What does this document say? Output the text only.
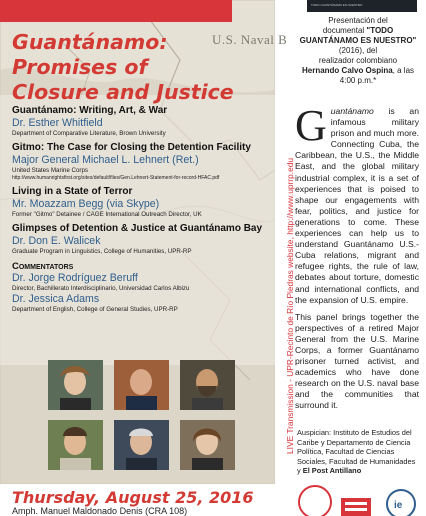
U.S. Naval B
Guantánamo:
Promises of
Closure and Justice
Guantánamo: Writing, Art, & War
Dr. Esther Whitfield
Department of Comparative Literature, Brown University
Gitmo: The Case for Closing the Detention Facility
Major General Michael L. Lehnert (Ret.)
United States Marine Corps
http://www.humanrightsfirst.org/sites/default/files/Gen.Lehnert-Statement-for-record-HFAC.pdf
Living in a State of Terror
Mr. Moazzam Begg (via Skype)
Former "Gitmo" Detainee / CAGE International Outreach Director, UK
Glimpses of Detention & Justice at Guantánamo Bay
Dr. Don E. Walicek
Graduate Program in Linguistics, College of Humanities, UPR-RP
Commentators
Dr. Jorge Rodríguez Beruff
Director, Bachillerato Interdisciplinario, Universidad Carlos Albizu
Dr. Jessica Adams
Department of English, College of General Studies, UPR-RP
Thursday, August 25, 2016
Amph. Manuel Maldonado Denis (CRA 108)
LIVE Transmission - UPR-Recinto de Río Piedras website, http://www.uprrp.edu
TODO GUANTÁNAMO ES NUESTRO
Presentación del
documental "TODO GUANTÁNAMO ES NUESTRO" (2016), del
realizador colombiano
Hernando Calvo Ospina, a las 4:00 p.m.*

Guantánamo is an infamous military prison and much more. Connecting Cuba, the Caribbean, the U.S., the Middle East, and the global military industrial complex, it is a set of experiences that is poised to shape our engagements with fear, politics, and justice for generations to come. These experiences can help us to understand Guantánamo U.S.-Cuba relations, migrant and refugee rights, the rule of law, debates about torture, domestic and international conflicts, and the expansion of U.S. empire.

This panel brings together the perspectives of a retired Major General from the U.S. Marine Corps, a former Guantánamo prisoner turned activist, and academics who have done research on the U.S. naval base and the communities that surround it.

Auspician: Instituto de Estudios del Caribe y Departamento de Ciencia Política, Facultad de Ciencias Sociales, Facultad de Humanidades y El Post Antillano
ie
